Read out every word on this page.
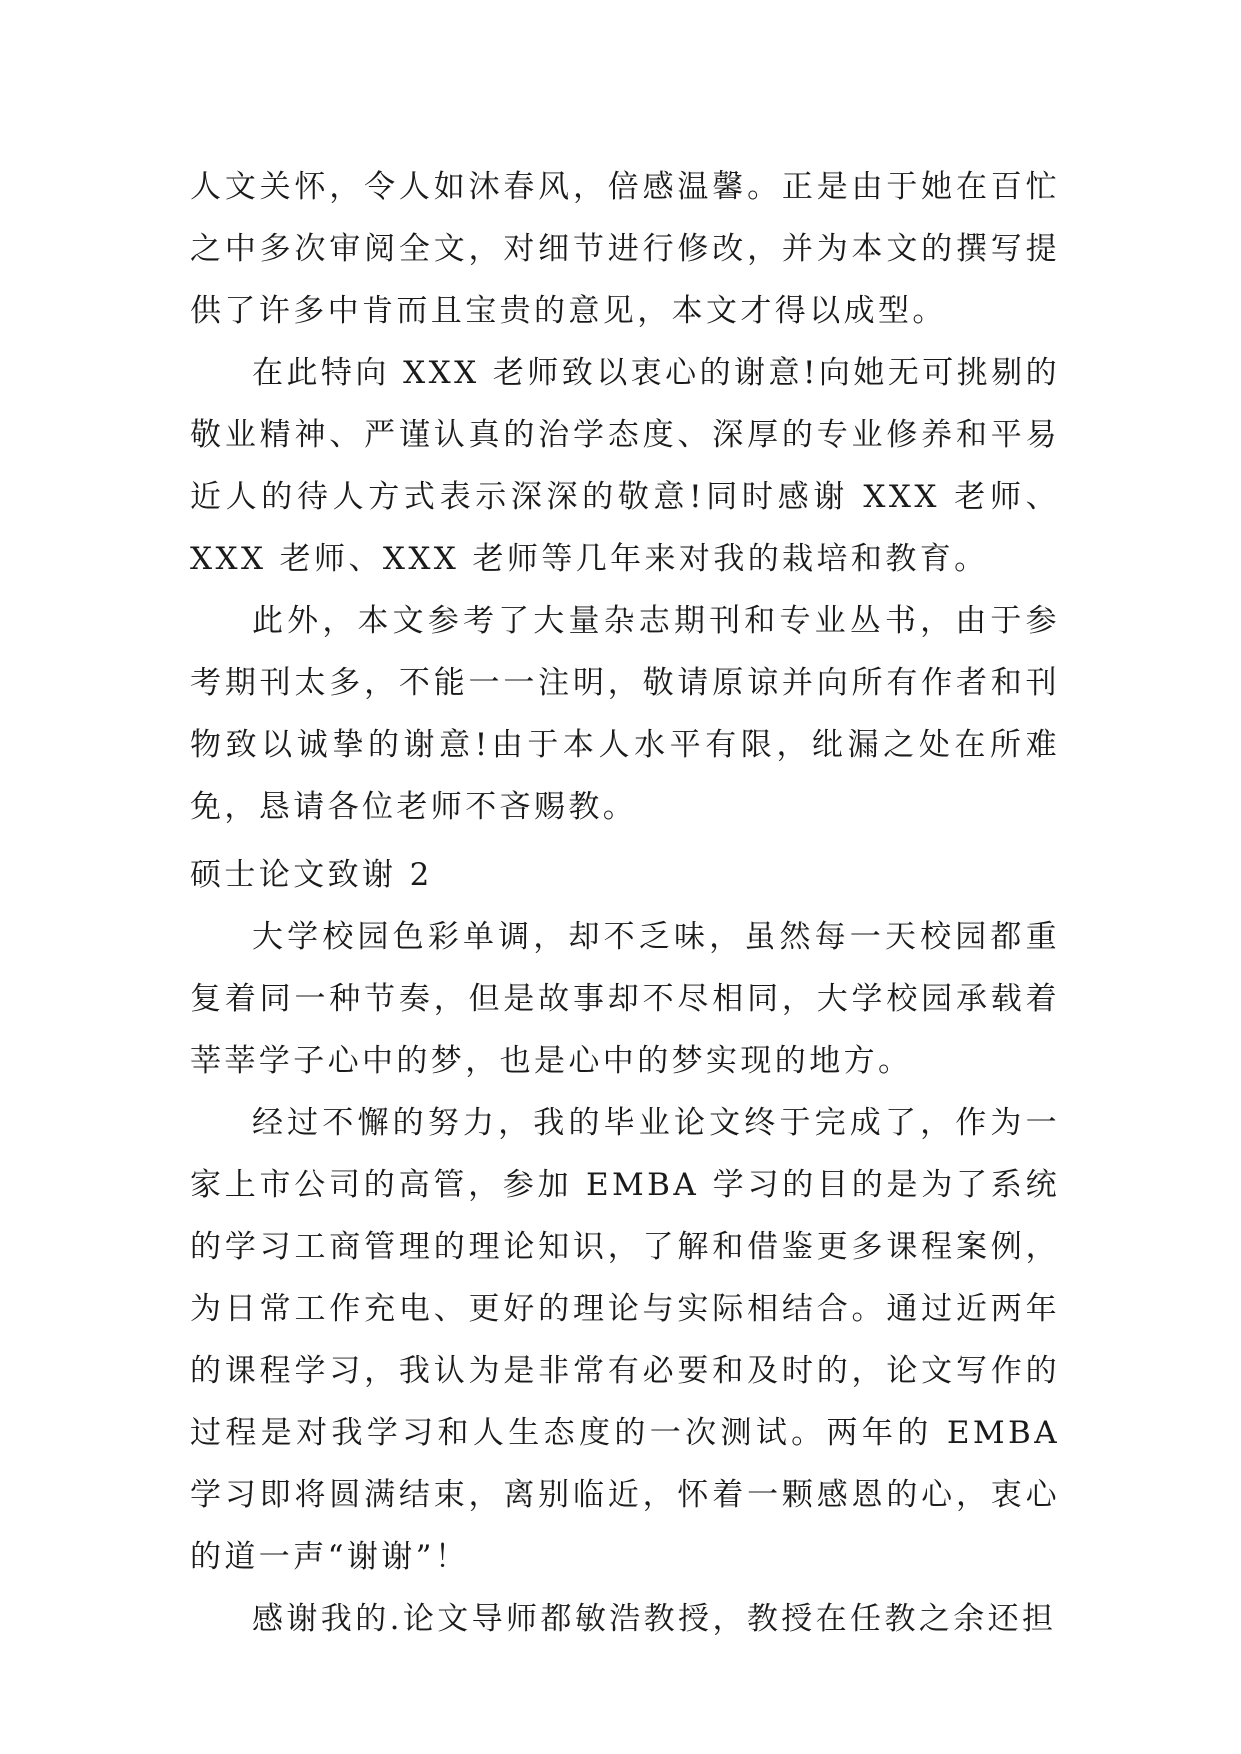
人文关怀，令人如沐春风，倍感温馨。正是由于她在百忙之中多次审阅全文，对细节进行修改，并为本文的撰写提供了许多中肯而且宝贵的意见，本文才得以成型。

在此特向 XXX 老师致以衷心的谢意!向她无可挑剔的敬业精神、严谨认真的治学态度、深厚的专业修养和平易近人的待人方式表示深深的敬意!同时感谢 XXX 老师、XXX 老师、XXX 老师等几年来对我的栽培和教育。

此外，本文参考了大量杂志期刊和专业丛书，由于参考期刊太多，不能一一注明，敬请原谅并向所有作者和刊物致以诚挚的谢意!由于本人水平有限，纰漏之处在所难免，恳请各位老师不吝赐教。

硕士论文致谢 2

大学校园色彩单调，却不乏味，虽然每一天校园都重复着同一种节奏，但是故事却不尽相同，大学校园承载着莘莘学子心中的梦，也是心中的梦实现的地方。

经过不懈的努力，我的毕业论文终于完成了，作为一家上市公司的高管，参加 EMBA 学习的目的是为了系统的学习工商管理的理论知识，了解和借鉴更多课程案例，为日常工作充电、更好的理论与实际相结合。通过近两年的课程学习，我认为是非常有必要和及时的，论文写作的过程是对我学习和人生态度的一次测试。两年的 EMBA 学习即将圆满结束，离别临近，怀着一颗感恩的心，衷心的道一声“谢谢”！

感谢我的.论文导师都敏浩教授，教授在任教之余还担
